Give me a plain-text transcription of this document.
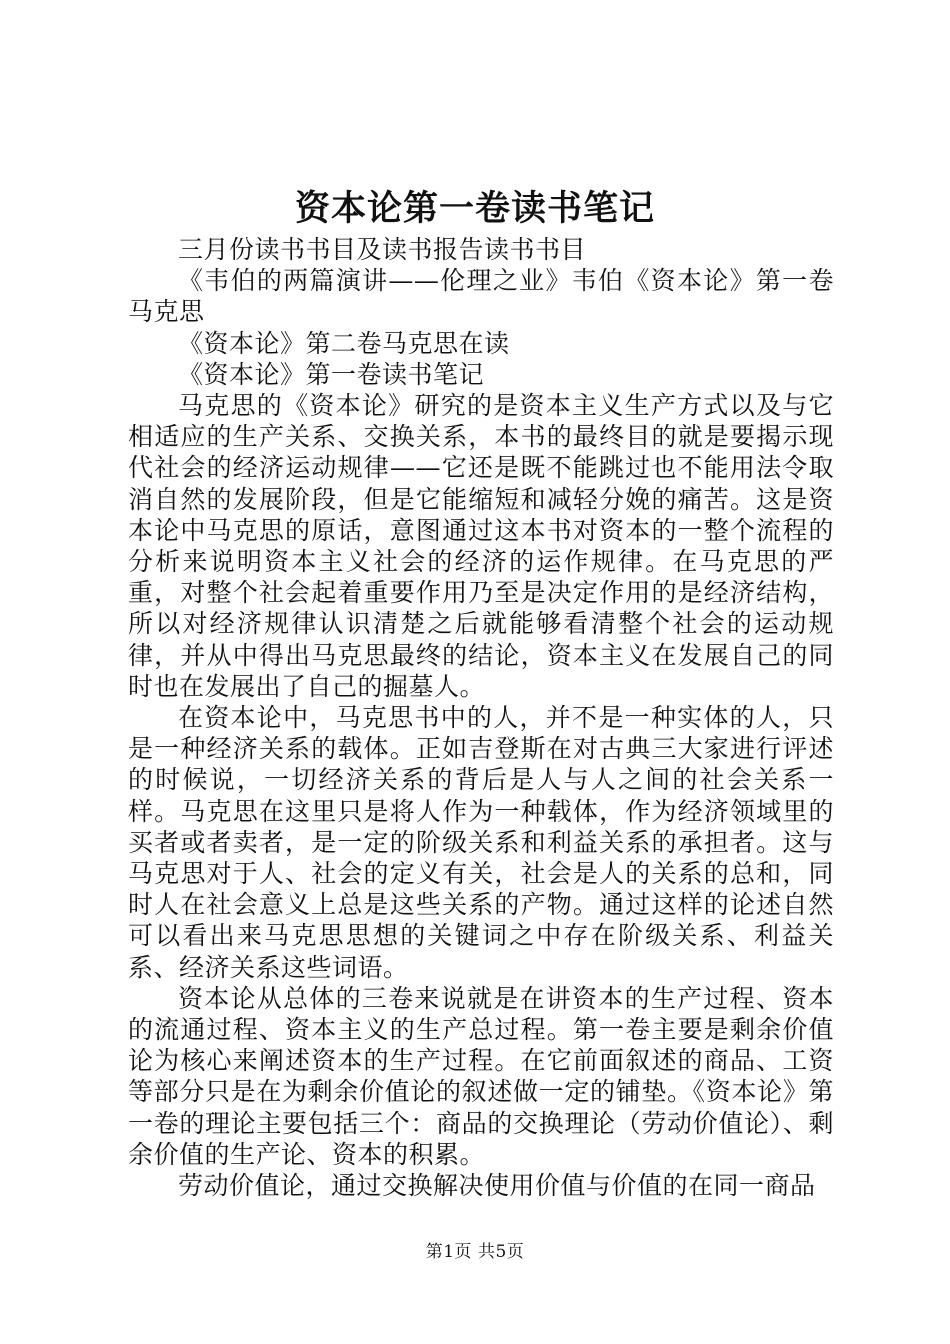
资本论第一卷读书笔记

三月份读书书目及读书报告读书书目

《韦伯的两篇演讲——伦理之业》韦伯《资本论》第一卷马克思

《资本论》第二卷马克思在读

《资本论》第一卷读书笔记

马克思的《资本论》研究的是资本主义生产方式以及与它相适应的生产关系、交换关系，本书的最终目的就是要揭示现代社会的经济运动规律——它还是既不能跳过也不能用法令取消自然的发展阶段，但是它能缩短和减轻分娩的痛苦。这是资本论中马克思的原话，意图通过这本书对资本的一整个流程的分析来说明资本主义社会的经济的运作规律。在马克思的严重，对整个社会起着重要作用乃至是决定作用的是经济结构，所以对经济规律认识清楚之后就能够看清整个社会的运动规律，并从中得出马克思最终的结论，资本主义在发展自己的同时也在发展出了自己的掘墓人。

在资本论中，马克思书中的人，并不是一种实体的人，只是一种经济关系的载体。正如吉登斯在对古典三大家进行评述的时候说，一切经济关系的背后是人与人之间的社会关系一样。马克思在这里只是将人作为一种载体，作为经济领域里的买者或者卖者，是一定的阶级关系和利益关系的承担者。这与马克思对于人、社会的定义有关，社会是人的关系的总和，同时人在社会意义上总是这些关系的产物。通过这样的论述自然可以看出来马克思思想的关键词之中存在阶级关系、利益关系、经济关系这些词语。

资本论从总体的三卷来说就是在讲资本的生产过程、资本的流通过程、资本主义的生产总过程。第一卷主要是剩余价值论为核心来阐述资本的生产过程。在它前面叙述的商品、工资等部分只是在为剩余价值论的叙述做一定的铺垫。《资本论》第一卷的理论主要包括三个：商品的交换理论（劳动价值论）、剩余价值的生产论、资本的积累。

劳动价值论，通过交换解决使用价值与价值的在同一商品

第1页 共5页
